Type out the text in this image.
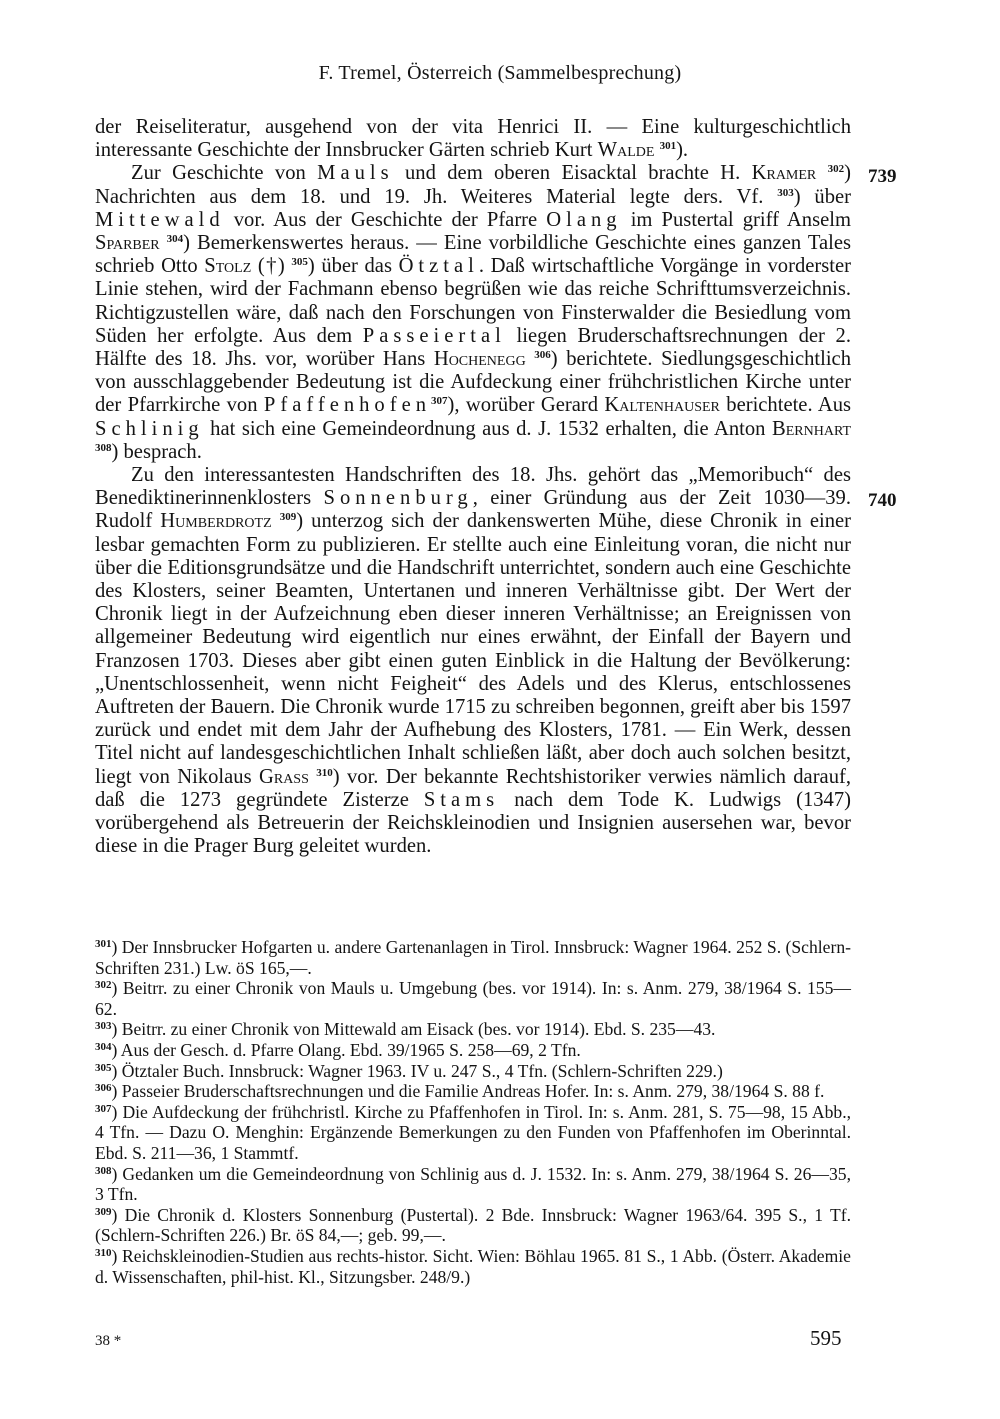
F. Tremel, Österreich (Sammelbesprechung)
739
740

der Reiseliteratur, ausgehend von der vita Henrici II. — Eine kulturgeschichtlich interessante Geschichte der Innsbrucker Gärten schrieb Kurt Walde $^{301}$).

Zur Geschichte von Mauls und dem oberen Eisacktal brachte H. Kramer $^{302}$) Nachrichten aus dem 18. und 19. Jh. Weiteres Material legte ders. Vf. $^{303}$) über Mittewald vor. Aus der Geschichte der Pfarre Olang im Pustertal griff Anselm Sparber $^{304}$) Bemerkenswertes heraus. — Eine vorbildliche Geschichte eines ganzen Tales schrieb Otto Stolz (†) $^{305}$) über das Ötztal. Daß wirtschaftliche Vorgänge in vorderster Linie stehen, wird der Fachmann ebenso begrüßen wie das reiche Schrifttumsverzeichnis. Richtigzustellen wäre, daß nach den Forschungen von Finsterwalder die Besiedlung vom Süden her erfolgte. Aus dem Passeiertal liegen Bruderschaftsrechnungen der 2. Hälfte des 18. Jhs. vor, worüber Hans Hochenegg $^{306}$) berichtete. Siedlungsgeschichtlich von ausschlaggebender Bedeutung ist die Aufdeckung einer frühchristlichen Kirche unter der Pfarrkirche von Pfaffenhofen$^{307}$), worüber Gerard Kaltenhauser berichtete. Aus Schlinig hat sich eine Gemeindeordnung aus d. J. 1532 erhalten, die Anton Bernhart $^{308}$) besprach.

Zu den interessantesten Handschriften des 18. Jhs. gehört das „Memoribuch“ des Benediktinerinnenklosters Sonnenburg, einer Gründung aus der Zeit 1030—39. Rudolf Humberdrotz $^{309}$) unterzog sich der dankenswerten Mühe, diese Chronik in einer lesbar gemachten Form zu publizieren. Er stellte auch eine Einleitung voran, die nicht nur über die Editionsgrundsätze und die Handschrift unterrichtet, sondern auch eine Geschichte des Klosters, seiner Beamten, Untertanen und inneren Verhältnisse gibt. Der Wert der Chronik liegt in der Aufzeichnung eben dieser inneren Verhältnisse; an Ereignissen von allgemeiner Bedeutung wird eigentlich nur eines erwähnt, der Einfall der Bayern und Franzosen 1703. Dieses aber gibt einen guten Einblick in die Haltung der Bevölkerung: „Unentschlossenheit, wenn nicht Feigheit“ des Adels und des Klerus, entschlossenes Auftreten der Bauern. Die Chronik wurde 1715 zu schreiben begonnen, greift aber bis 1597 zurück und endet mit dem Jahr der Aufhebung des Klosters, 1781. — Ein Werk, dessen Titel nicht auf landesgeschichtlichen Inhalt schließen läßt, aber doch auch solchen besitzt, liegt von Nikolaus Grass $^{310}$) vor. Der bekannte Rechtshistoriker verwies nämlich darauf, daß die 1273 gegründete Zisterze Stams nach dem Tode K. Ludwigs (1347) vorübergehend als Betreuerin der Reichskleinodien und Insignien ausersehen war, bevor diese in die Prager Burg geleitet wurden.

$^{301}$) Der Innsbrucker Hofgarten u. andere Gartenanlagen in Tirol. Innsbruck: Wagner 1964. 252 S. (Schlern-Schriften 231.) Lw. öS 165,—.

$^{302}$) Beitrr. zu einer Chronik von Mauls u. Umgebung (bes. vor 1914). In: s. Anm. 279, 38/1964 S. 155—62.

$^{303}$) Beitrr. zu einer Chronik von Mittewald am Eisack (bes. vor 1914). Ebd. S. 235—43.

$^{304}$) Aus der Gesch. d. Pfarre Olang. Ebd. 39/1965 S. 258—69, 2 Tfn.

$^{305}$) Ötztaler Buch. Innsbruck: Wagner 1963. IV u. 247 S., 4 Tfn. (Schlern-Schriften 229.)

$^{306}$) Passeier Bruderschaftsrechnungen und die Familie Andreas Hofer. In: s. Anm. 279, 38/1964 S. 88 f.

$^{307}$) Die Aufdeckung der frühchristl. Kirche zu Pfaffenhofen in Tirol. In: s. Anm. 281, S. 75—98, 15 Abb., 4 Tfn. — Dazu O. Menghin: Ergänzende Bemerkungen zu den Funden von Pfaffenhofen im Oberinntal. Ebd. S. 211—36, 1 Stammtf.

$^{308}$) Gedanken um die Gemeindeordnung von Schlinig aus d. J. 1532. In: s. Anm. 279, 38/1964 S. 26—35, 3 Tfn.

$^{309}$) Die Chronik d. Klosters Sonnenburg (Pustertal). 2 Bde. Innsbruck: Wagner 1963/64. 395 S., 1 Tf. (Schlern-Schriften 226.) Br. öS 84,—; geb. 99,—.

$^{310}$) Reichskleinodien-Studien aus rechts-histor. Sicht. Wien: Böhlau 1965. 81 S., 1 Abb. (Österr. Akademie d. Wissenschaften, phil-hist. Kl., Sitzungsber. 248/9.)

38 *	595
